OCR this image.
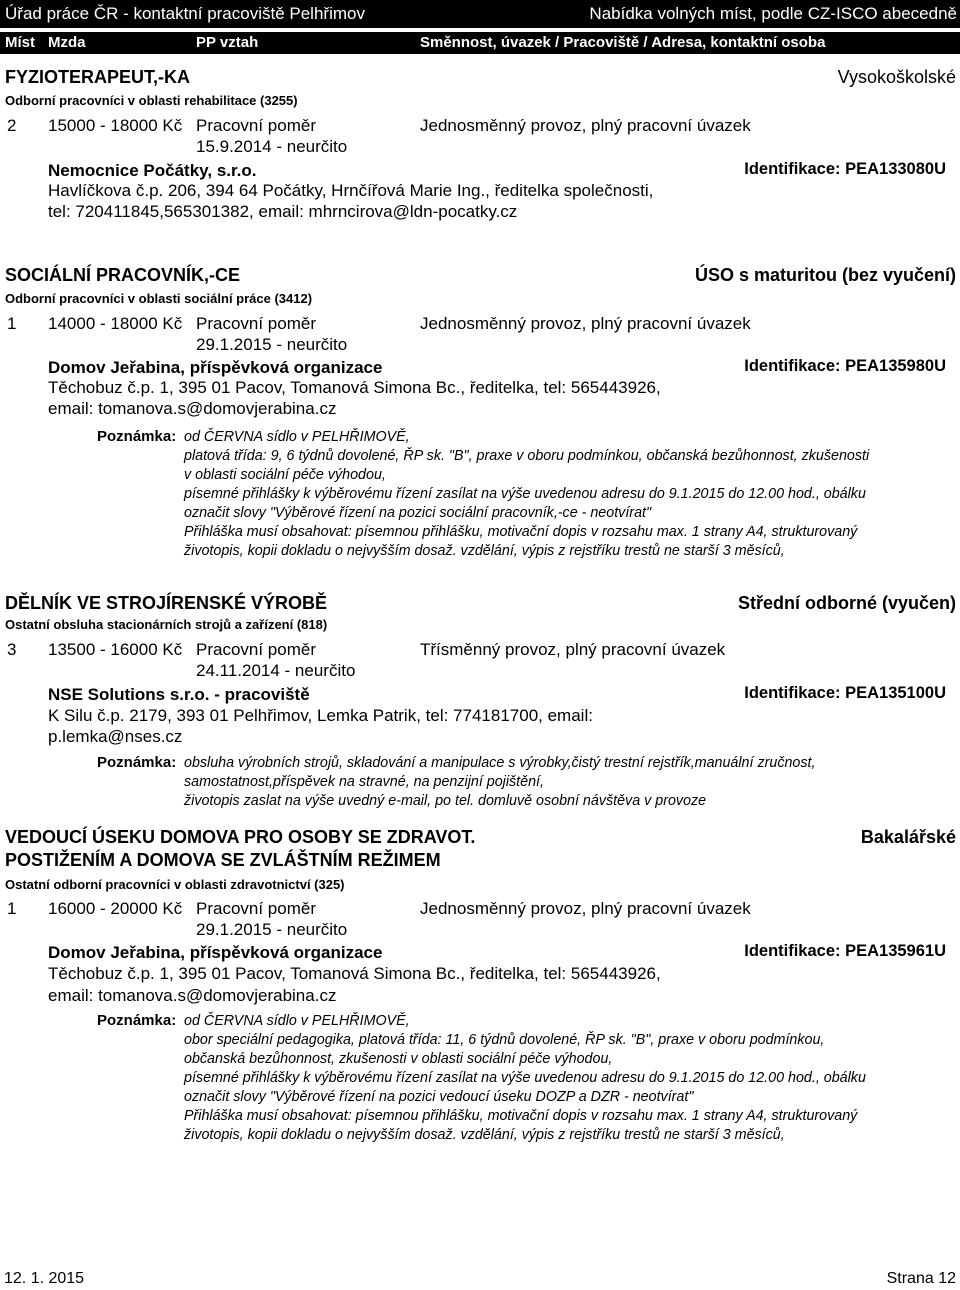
Úřad práce ČR - kontaktní pracoviště Pelhřimov	Nabídka volných míst, podle CZ-ISCO abecedně
Míst Mzda	PP vztah	Směnnost, úvazek / Pracoviště / Adresa, kontaktní osoba
FYZIOTERAPEUT,-KA	Vysokoškolské
Odborní pracovníci v oblasti rehabilitace (3255)
2 15000 - 18000 Kč Pracovní poměr	Jednosměnný provoz, plný pracovní úvazek
15.9.2014 - neurčito
Nemocnice Počátky, s.r.o.	Identifikace: PEA133080U
Havlíčkova č.p. 206, 394 64 Počátky, Hrnčířová Marie Ing., ředitelka společnosti,
tel: 720411845,565301382, email: mhrncirova@ldn-pocatky.cz
SOCIÁLNÍ PRACOVNÍK,-CE	ÚSO s maturitou (bez vyučení)
Odborní pracovníci v oblasti sociální práce (3412)
1 14000 - 18000 Kč Pracovní poměr	Jednosměnný provoz, plný pracovní úvazek
29.1.2015 - neurčito
Domov Jeřabina, příspěvková organizace	Identifikace: PEA135980U
Těchobuz č.p. 1, 395 01 Pacov, Tomanová Simona Bc., ředitelka, tel: 565443926,
email: tomanova.s@domovjerabina.cz
Poznámka: od ČERVNA sídlo v PELHŘIMOVĚ,
platová třída: 9, 6 týdnů dovolené, ŘP sk. "B", praxe v oboru podmínkou, občanská bezůhonnost, zkušenosti
v oblasti sociální péče výhodou,
písemné přihlášky k výběrovému řízení zasílat na výše uvedenou adresu do 9.1.2015 do 12.00 hod., obálku
označit slovy "Výběrové řízení na pozici sociální pracovník,-ce - neotvírat"
Přihláška musí obsahovat: písemnou přihlášku, motivační dopis v rozsahu max. 1 strany A4, strukturovaný
životopis, kopii dokladu o nejvyšším dosaž. vzdělání, výpis z rejstříku trestů ne starší 3 měsíců,
DĚLNÍK VE STROJÍRENSKÉ VÝROBĚ	Střední odborné (vyučen)
Ostatní obsluha stacionárních strojů a zařízení (818)
3 13500 - 16000 Kč Pracovní poměr	Třísměnný provoz, plný pracovní úvazek
24.11.2014 - neurčito
NSE Solutions s.r.o. - pracoviště	Identifikace: PEA135100U
K Silu č.p. 2179, 393 01 Pelhřimov, Lemka Patrik, tel: 774181700, email:
p.lemka@nses.cz
Poznámka: obsluha výrobních strojů, skladování a manipulace s výrobky,čistý trestní rejstřík,manuální zručnost,
samostatnost,příspěvek na stravné, na penzijní pojištění,
životopis zaslat na výše uvedný e-mail, po tel. domluvě osobní návštěva v provoze
VEDOUCÍ ÚSEKU DOMOVA PRO OSOBY SE ZDRAVOT.
POSTIŽENÍM A DOMOVA SE ZVLÁŠTNÍM REŽIMEM
Bakalářské
Ostatní odborní pracovníci v oblasti zdravotnictví (325)
1 16000 - 20000 Kč Pracovní poměr	Jednosměnný provoz, plný pracovní úvazek
29.1.2015 - neurčito
Domov Jeřabina, příspěvková organizace	Identifikace: PEA135961U
Těchobuz č.p. 1, 395 01 Pacov, Tomanová Simona Bc., ředitelka, tel: 565443926,
email: tomanova.s@domovjerabina.cz
Poznámka: od ČERVNA sídlo v PELHŘIMOVĚ,
obor speciální pedagogika, platová třída: 11, 6 týdnů dovolené, ŘP sk. "B", praxe v oboru podmínkou,
občanská bezůhonnost, zkušenosti v oblasti sociální péče výhodou,
písemné přihlášky k výběrovému řízení zasílat na výše uvedenou adresu do 9.1.2015 do 12.00 hod., obálku
označit slovy "Výběrové řízení na pozici vedoucí úseku DOZP a DZR - neotvírat"
Přihláška musí obsahovat: písemnou přihlášku, motivační dopis v rozsahu max. 1 strany A4, strukturovaný
životopis, kopii dokladu o nejvyšším dosaž. vzdělání, výpis z rejstříku trestů ne starší 3 měsíců,
12. 1. 2015	Strana 12
